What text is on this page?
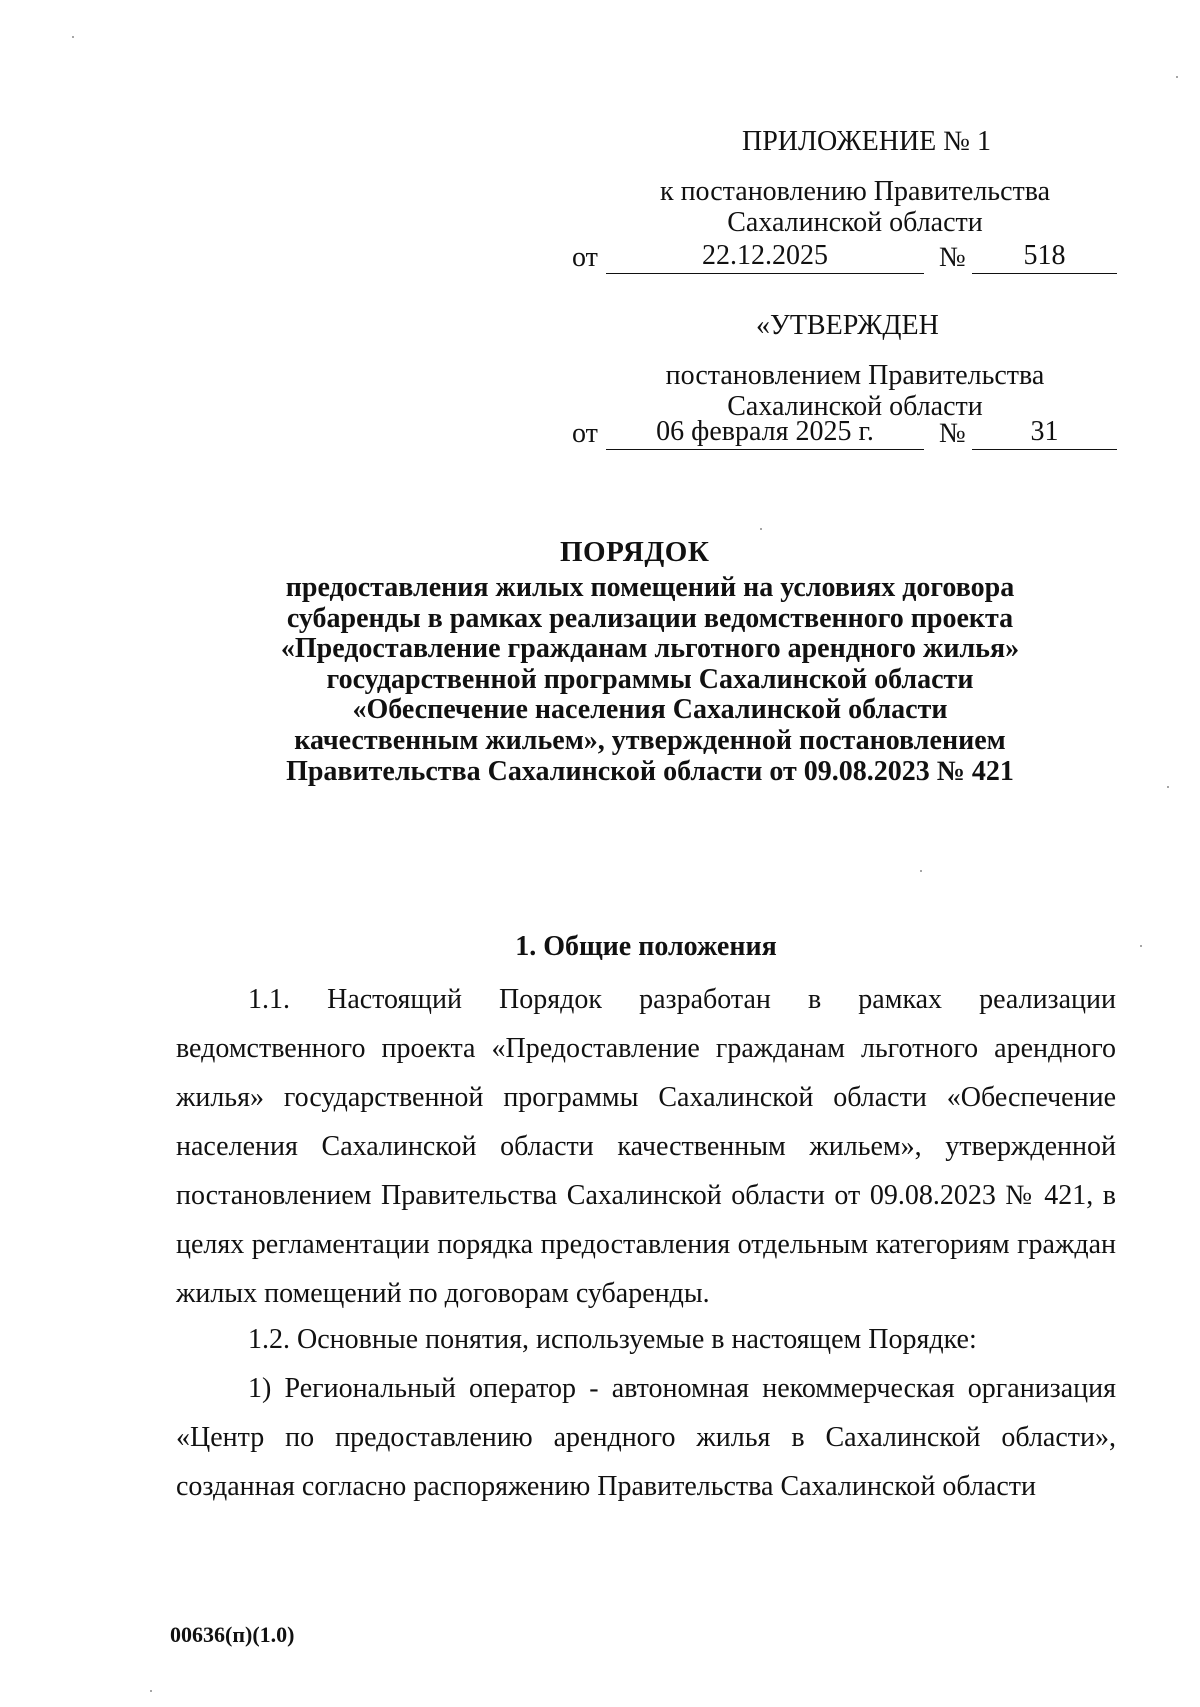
ПРИЛОЖЕНИЕ № 1
к постановлению Правительства Сахалинской области
от	22.12.2025	№	518
«УТВЕРЖДЕН
постановлением Правительства Сахалинской области
от	06 февраля 2025 г.	№	31
ПОРЯДОК
предоставления жилых помещений на условиях договора субаренды в рамках реализации ведомственного проекта «Предоставление гражданам льготного арендного жилья» государственной программы Сахалинской области «Обеспечение населения Сахалинской области качественным жильем», утвержденной постановлением Правительства Сахалинской области от 09.08.2023 № 421
1. Общие положения

1.1. Настоящий Порядок разработан в рамках реализации ведомственного проекта «Предоставление гражданам льготного арендного жилья» государственной программы Сахалинской области «Обеспечение населения Сахалинской области качественным жильем», утвержденной постановлением Правительства Сахалинской области от 09.08.2023 № 421, в целях регламентации порядка предоставления отдельным категориям граждан жилых помещений по договорам субаренды.

1.2. Основные понятия, используемые в настоящем Порядке:

1) Региональный оператор - автономная некоммерческая организация «Центр по предоставлению арендного жилья в Сахалинской области», созданная согласно распоряжению Правительства Сахалинской области

00636(п)(1.0)
